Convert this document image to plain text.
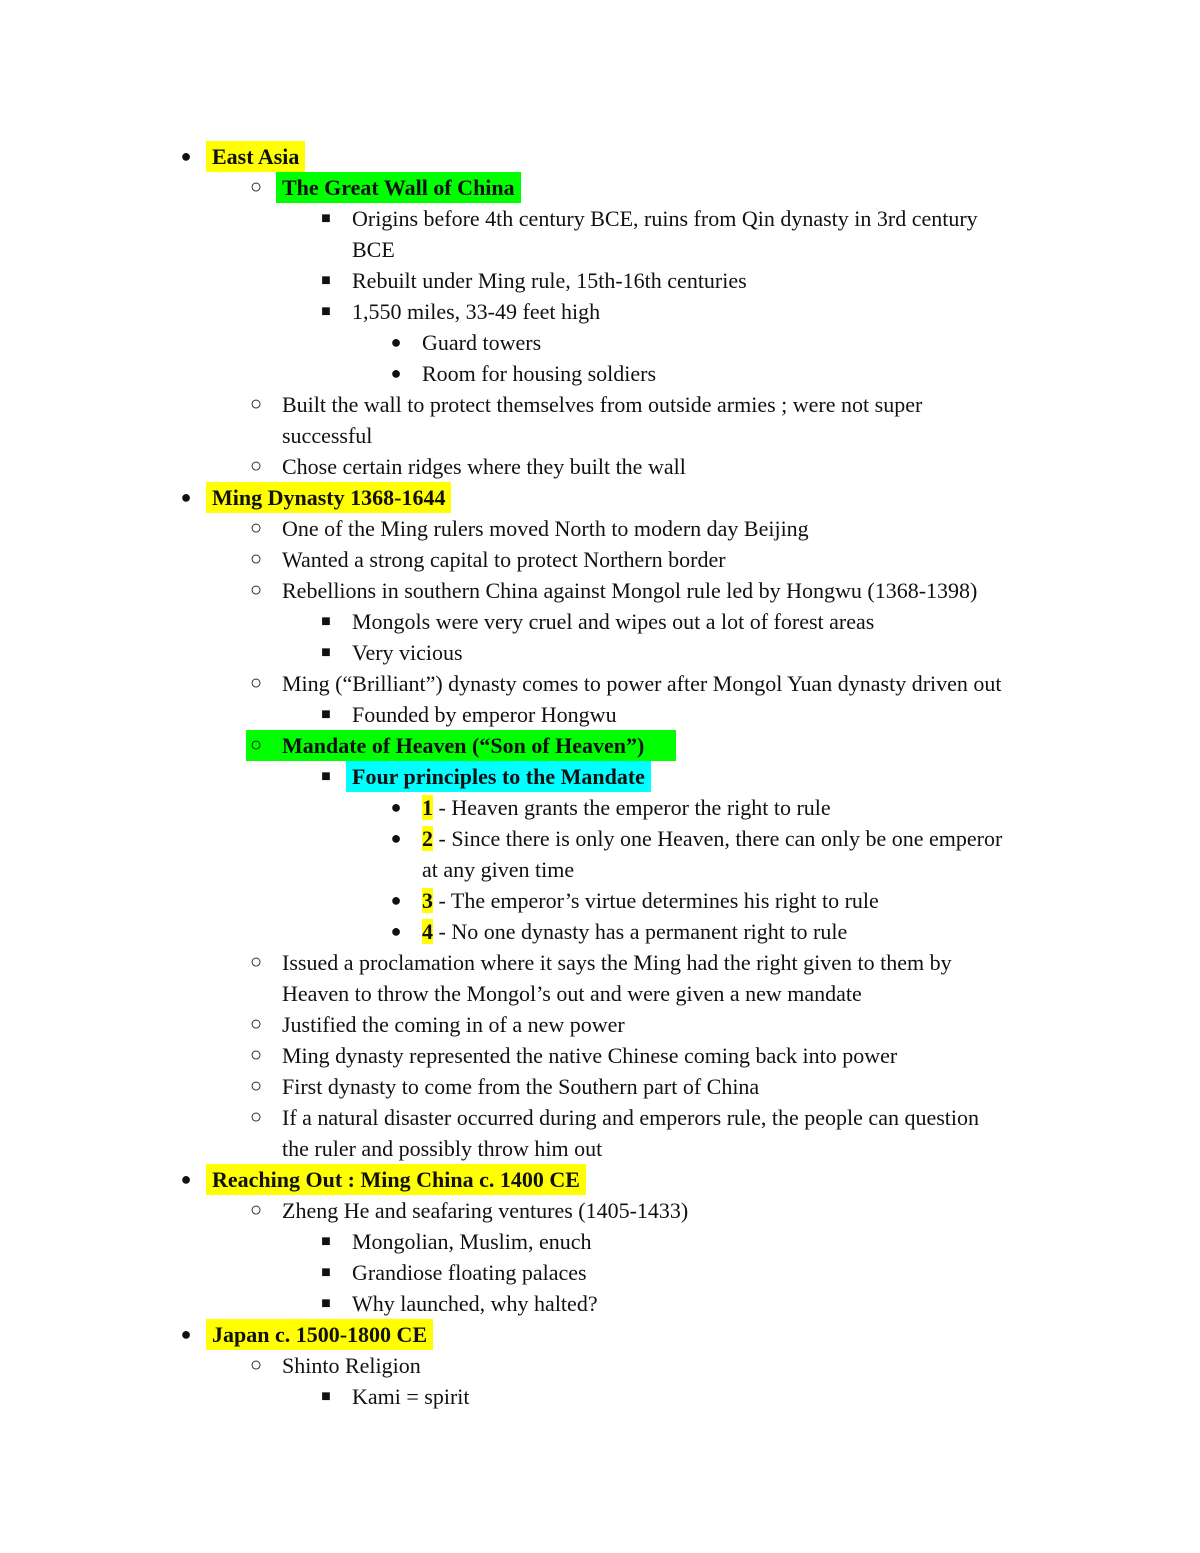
● East Asia
○ The Great Wall of China
■ Origins before 4th century BCE, ruins from Qin dynasty in 3rd century
BCE
■ Rebuilt under Ming rule, 15th-16th centuries
■ 1,550 miles, 33-49 feet high
● Guard towers
● Room for housing soldiers
○ Built the wall to protect themselves from outside armies ; were not super
successful
○ Chose certain ridges where they built the wall
● Ming Dynasty 1368-1644
○ One of the Ming rulers moved North to modern day Beijing
○ Wanted a strong capital to protect Northern border
○ Rebellions in southern China against Mongol rule led by Hongwu (1368-1398)
■ Mongols were very cruel and wipes out a lot of forest areas
■ Very vicious
○ Ming (“Brilliant”) dynasty comes to power after Mongol Yuan dynasty driven out
■ Founded by emperor Hongwu
○ Mandate of Heaven (“Son of Heaven”)
■ Four principles to the Mandate
● 1 - Heaven grants the emperor the right to rule
● 2 - Since there is only one Heaven, there can only be one emperor
at any given time
● 3 - The emperor’s virtue determines his right to rule
● 4 - No one dynasty has a permanent right to rule
○ Issued a proclamation where it says the Ming had the right given to them by
Heaven to throw the Mongol’s out and were given a new mandate
○ Justified the coming in of a new power
○ Ming dynasty represented the native Chinese coming back into power
○ First dynasty to come from the Southern part of China
○ If a natural disaster occurred during and emperors rule, the people can question
the ruler and possibly throw him out
● Reaching Out : Ming China c. 1400 CE
○ Zheng He and seafaring ventures (1405-1433)
■ Mongolian, Muslim, enuch
■ Grandiose floating palaces
■ Why launched, why halted?
● Japan c. 1500-1800 CE
○ Shinto Religion
■ Kami = spirit
